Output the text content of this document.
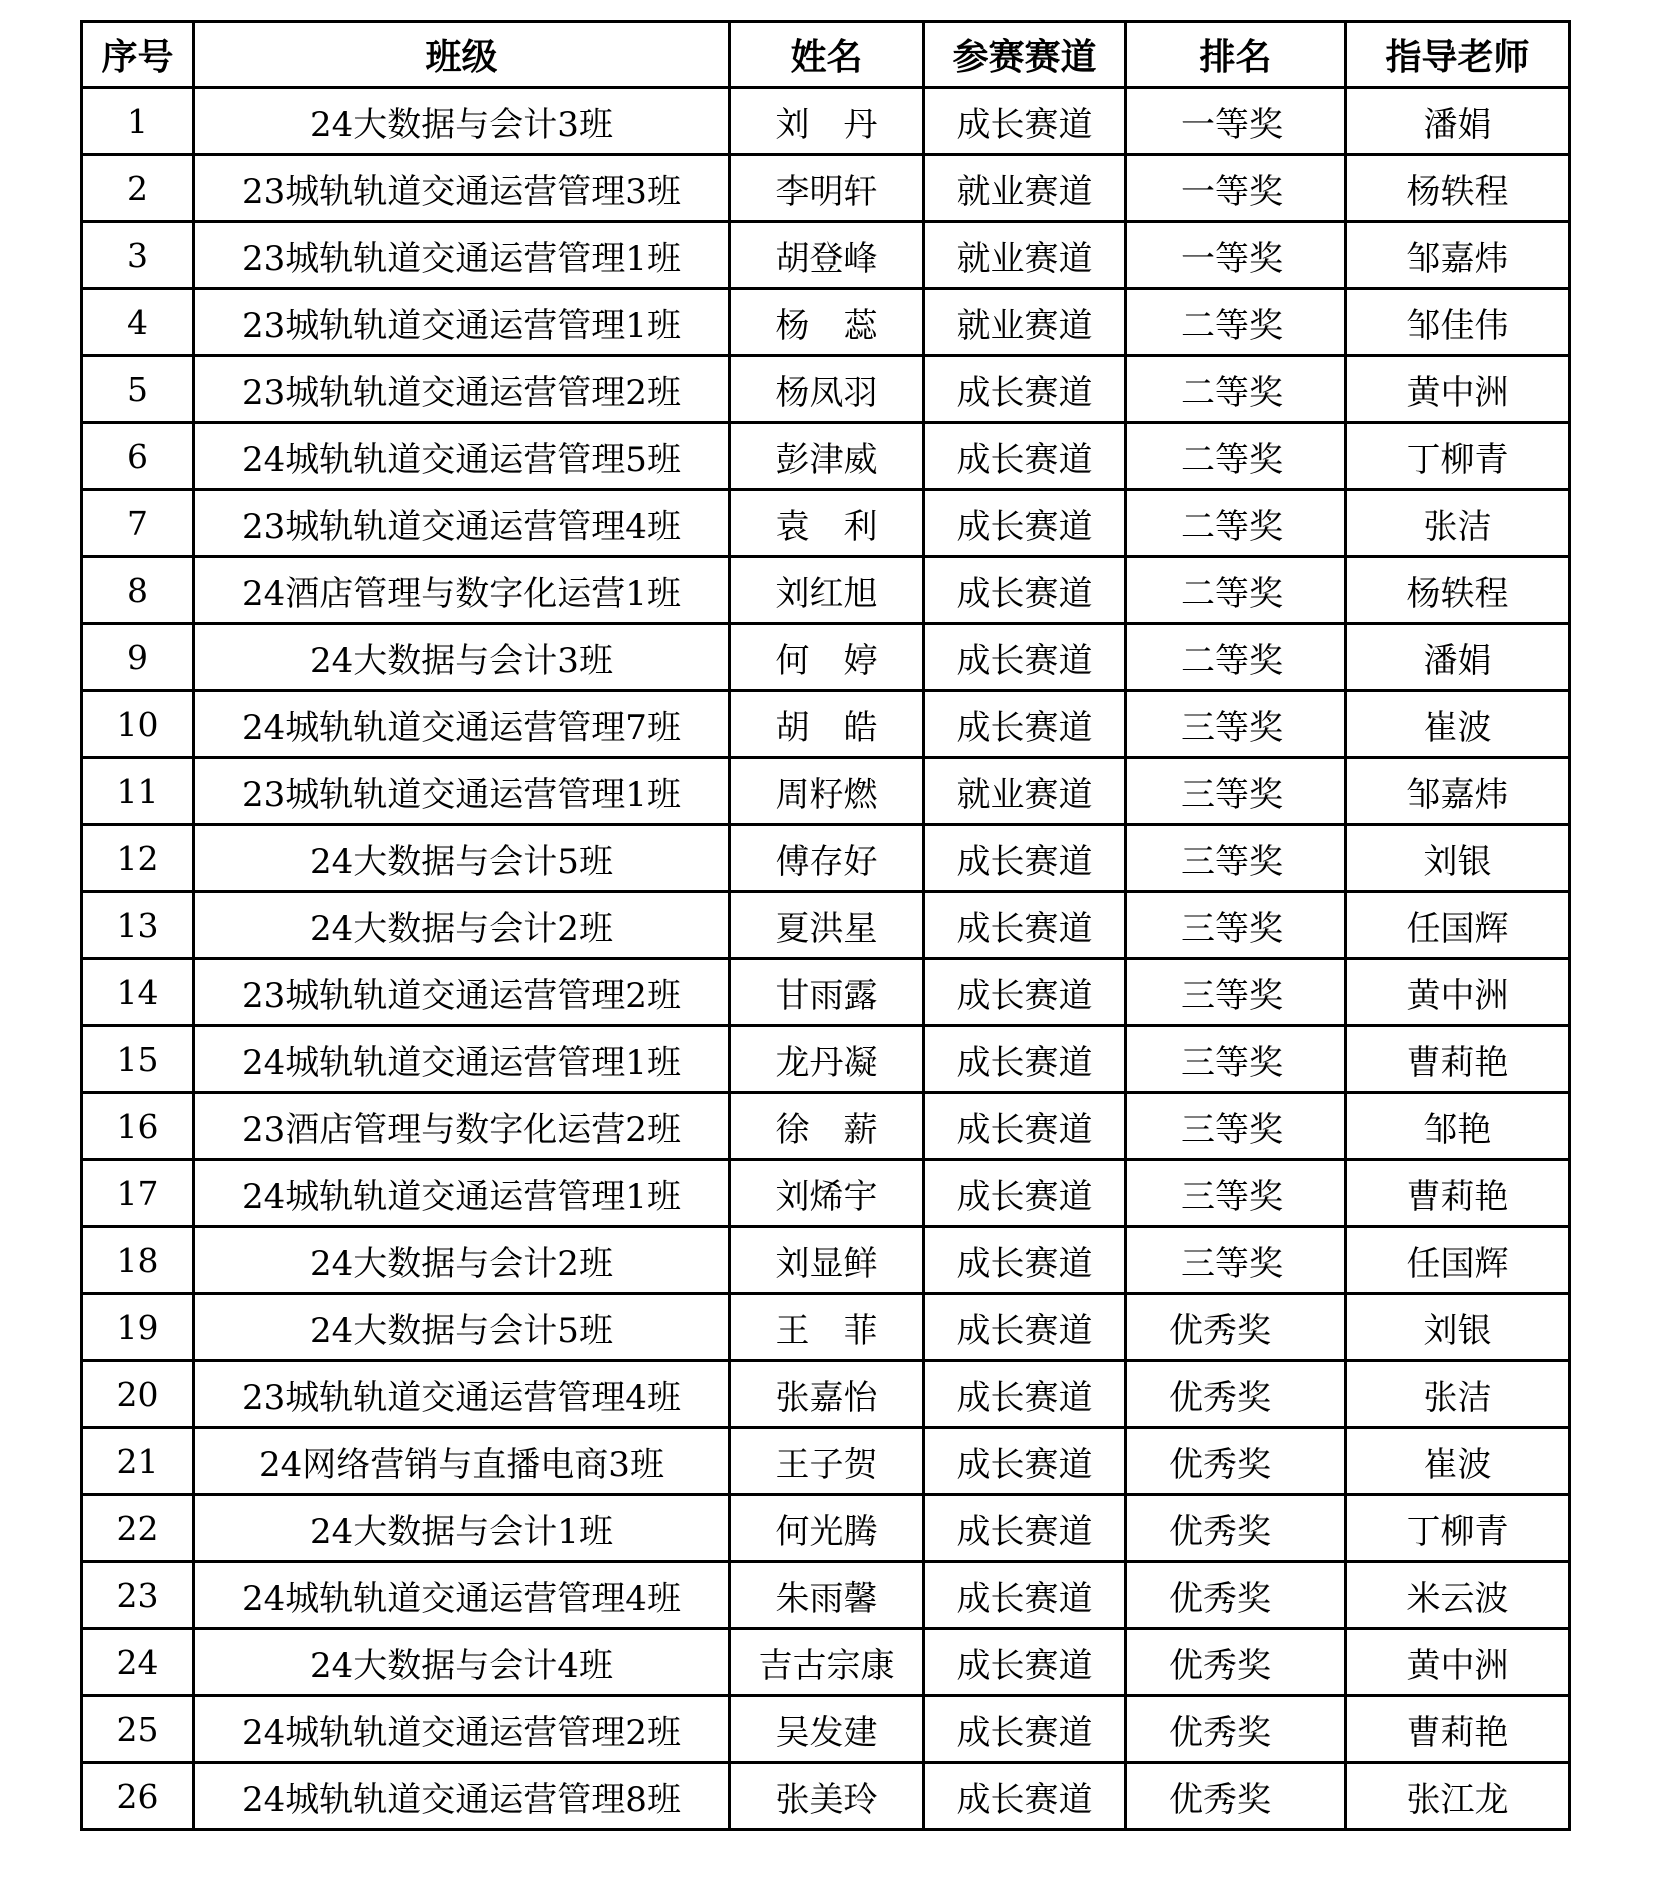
序号	班级	姓名	参赛赛道	排名	指导老师
1	24大数据与会计3班	刘　丹	成长赛道	一等奖	潘娟
2	23城轨轨道交通运营管理3班	李明轩	就业赛道	一等奖	杨轶程
3	23城轨轨道交通运营管理1班	胡登峰	就业赛道	一等奖	邹嘉炜
4	23城轨轨道交通运营管理1班	杨　蕊	就业赛道	二等奖	邹佳伟
5	23城轨轨道交通运营管理2班	杨凤羽	成长赛道	二等奖	黄中洲
6	24城轨轨道交通运营管理5班	彭津威	成长赛道	二等奖	丁柳青
7	23城轨轨道交通运营管理4班	袁　利	成长赛道	二等奖	张洁
8	24酒店管理与数字化运营1班	刘红旭	成长赛道	二等奖	杨轶程
9	24大数据与会计3班	何　婷	成长赛道	二等奖	潘娟
10	24城轨轨道交通运营管理7班	胡　皓	成长赛道	三等奖	崔波
11	23城轨轨道交通运营管理1班	周籽燃	就业赛道	三等奖	邹嘉炜
12	24大数据与会计5班	傅存好	成长赛道	三等奖	刘银
13	24大数据与会计2班	夏洪星	成长赛道	三等奖	任国辉
14	23城轨轨道交通运营管理2班	甘雨露	成长赛道	三等奖	黄中洲
15	24城轨轨道交通运营管理1班	龙丹凝	成长赛道	三等奖	曹莉艳
16	23酒店管理与数字化运营2班	徐　薪	成长赛道	三等奖	邹艳
17	24城轨轨道交通运营管理1班	刘烯宇	成长赛道	三等奖	曹莉艳
18	24大数据与会计2班	刘显鲜	成长赛道	三等奖	任国辉
19	24大数据与会计5班	王　菲	成长赛道	优秀奖	刘银
20	23城轨轨道交通运营管理4班	张嘉怡	成长赛道	优秀奖	张洁
21	24网络营销与直播电商3班	王子贺	成长赛道	优秀奖	崔波
22	24大数据与会计1班	何光腾	成长赛道	优秀奖	丁柳青
23	24城轨轨道交通运营管理4班	朱雨馨	成长赛道	优秀奖	米云波
24	24大数据与会计4班	吉古宗康	成长赛道	优秀奖	黄中洲
25	24城轨轨道交通运营管理2班	吴发建	成长赛道	优秀奖	曹莉艳
26	24城轨轨道交通运营管理8班	张美玲	成长赛道	优秀奖	张江龙
